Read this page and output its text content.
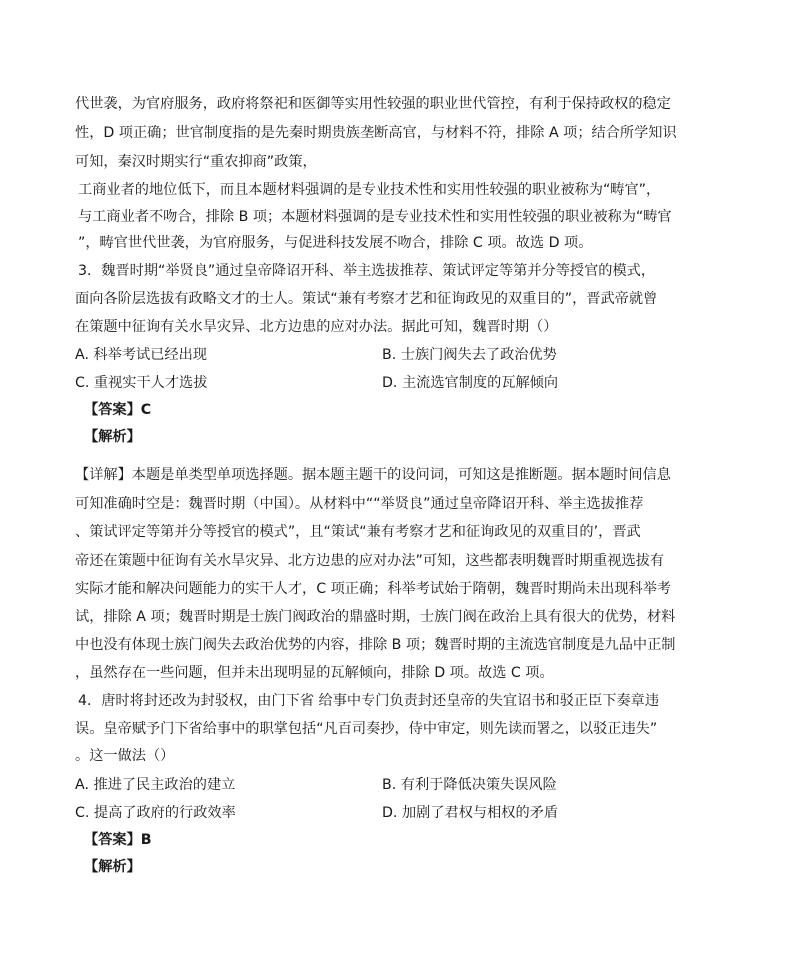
代世袭，为官府服务，政府将祭祀和医御等实用性较强的职业世代管控，有利于保持政权的稳定
性，D 项正确；世官制度指的是先秦时期贵族垄断高官，与材料不符，排除 A 项；结合所学知识
可知，秦汉时期实行“重农抑商”政策，
工商业者的地位低下，而且本题材料强调的是专业技术性和实用性较强的职业被称为“畴官”，
与工商业者不吻合，排除 B 项；本题材料强调的是专业技术性和实用性较强的职业被称为“畴官
”，畴官世代世袭，为官府服务，与促进科技发展不吻合，排除 C 项。故选 D 项。
3．魏晋时期“举贤良”通过皇帝降诏开科、举主选拔推荐、策试评定等第并分等授官的模式，
面向各阶层选拔有政略文才的士人。策试“兼有考察才艺和征询政见的双重目的”，晋武帝就曾
在策题中征询有关水旱灾异、北方边患的应对办法。据此可知，魏晋时期（）
A. 科举考试已经出现	B. 士族门阀失去了政治优势
C. 重视实干人才选拔	D. 主流选官制度的瓦解倾向
【答案】C
【解析】
【详解】本题是单类型单项选择题。据本题主题干的设问词，可知这是推断题。据本题时间信息
可知准确时空是：魏晋时期（中国）。从材料中““举贤良”通过皇帝降诏开科、举主选拔推荐
、策试评定等第并分等授官的模式”，且“策试“兼有考察才艺和征询政见的双重目的’，晋武
帝还在策题中征询有关水旱灾异、北方边患的应对办法”可知，这些都表明魏晋时期重视选拔有
实际才能和解决问题能力的实干人才，C 项正确；科举考试始于隋朝，魏晋时期尚未出现科举考
试，排除 A 项；魏晋时期是士族门阀政治的鼎盛时期，士族门阀在政治上具有很大的优势，材料
中也没有体现士族门阀失去政治优势的内容，排除 B 项；魏晋时期的主流选官制度是九品中正制
，虽然存在一些问题，但并未出现明显的瓦解倾向，排除 D 项。故选 C 项。
4．唐时将封还改为封驳权，由门下省 给事中专门负责封还皇帝的失宜诏书和驳正臣下奏章违
误。皇帝赋予门下省给事中的职掌包括“凡百司奏抄，侍中审定，则先读而署之，以驳正违失”
。这一做法（）
A. 推进了民主政治的建立	B. 有利于降低决策失误风险
C. 提高了政府的行政效率	D. 加剧了君权与相权的矛盾
【答案】B
【解析】
